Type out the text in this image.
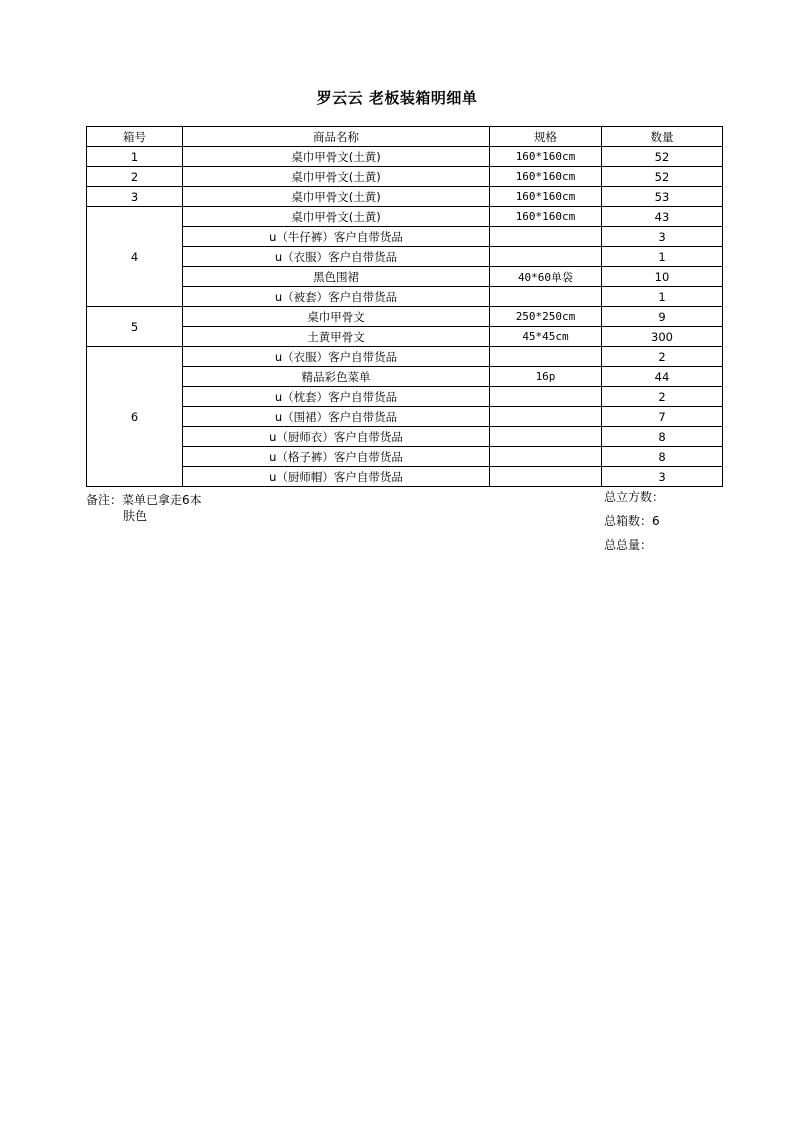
罗云云 老板装箱明细单
箱号	商品名称	规格	数量
1	桌巾甲骨文(土黄)	160*160cm	52
2	桌巾甲骨文(土黄)	160*160cm	52
3	桌巾甲骨文(土黄)	160*160cm	53
4	桌巾甲骨文(土黄)	160*160cm	43
	u（牛仔裤）客户自带货品		3
	u（衣服）客户自带货品		1
	黑色围裙	40*60单袋	10
	u（被套）客户自带货品		1
5	桌巾甲骨文	250*250cm	9
	土黄甲骨文	45*45cm	300
6	u（衣服）客户自带货品		2
	精品彩色菜单	16p	44
	u（枕套）客户自带货品		2
	u（围裙）客户自带货品		7
	u（厨师衣）客户自带货品		8
	u（格子裤）客户自带货品		8
	u（厨师帽）客户自带货品		3
备注：菜单已拿走6本
肤色
总立方数：
总箱数：6
总总量：
